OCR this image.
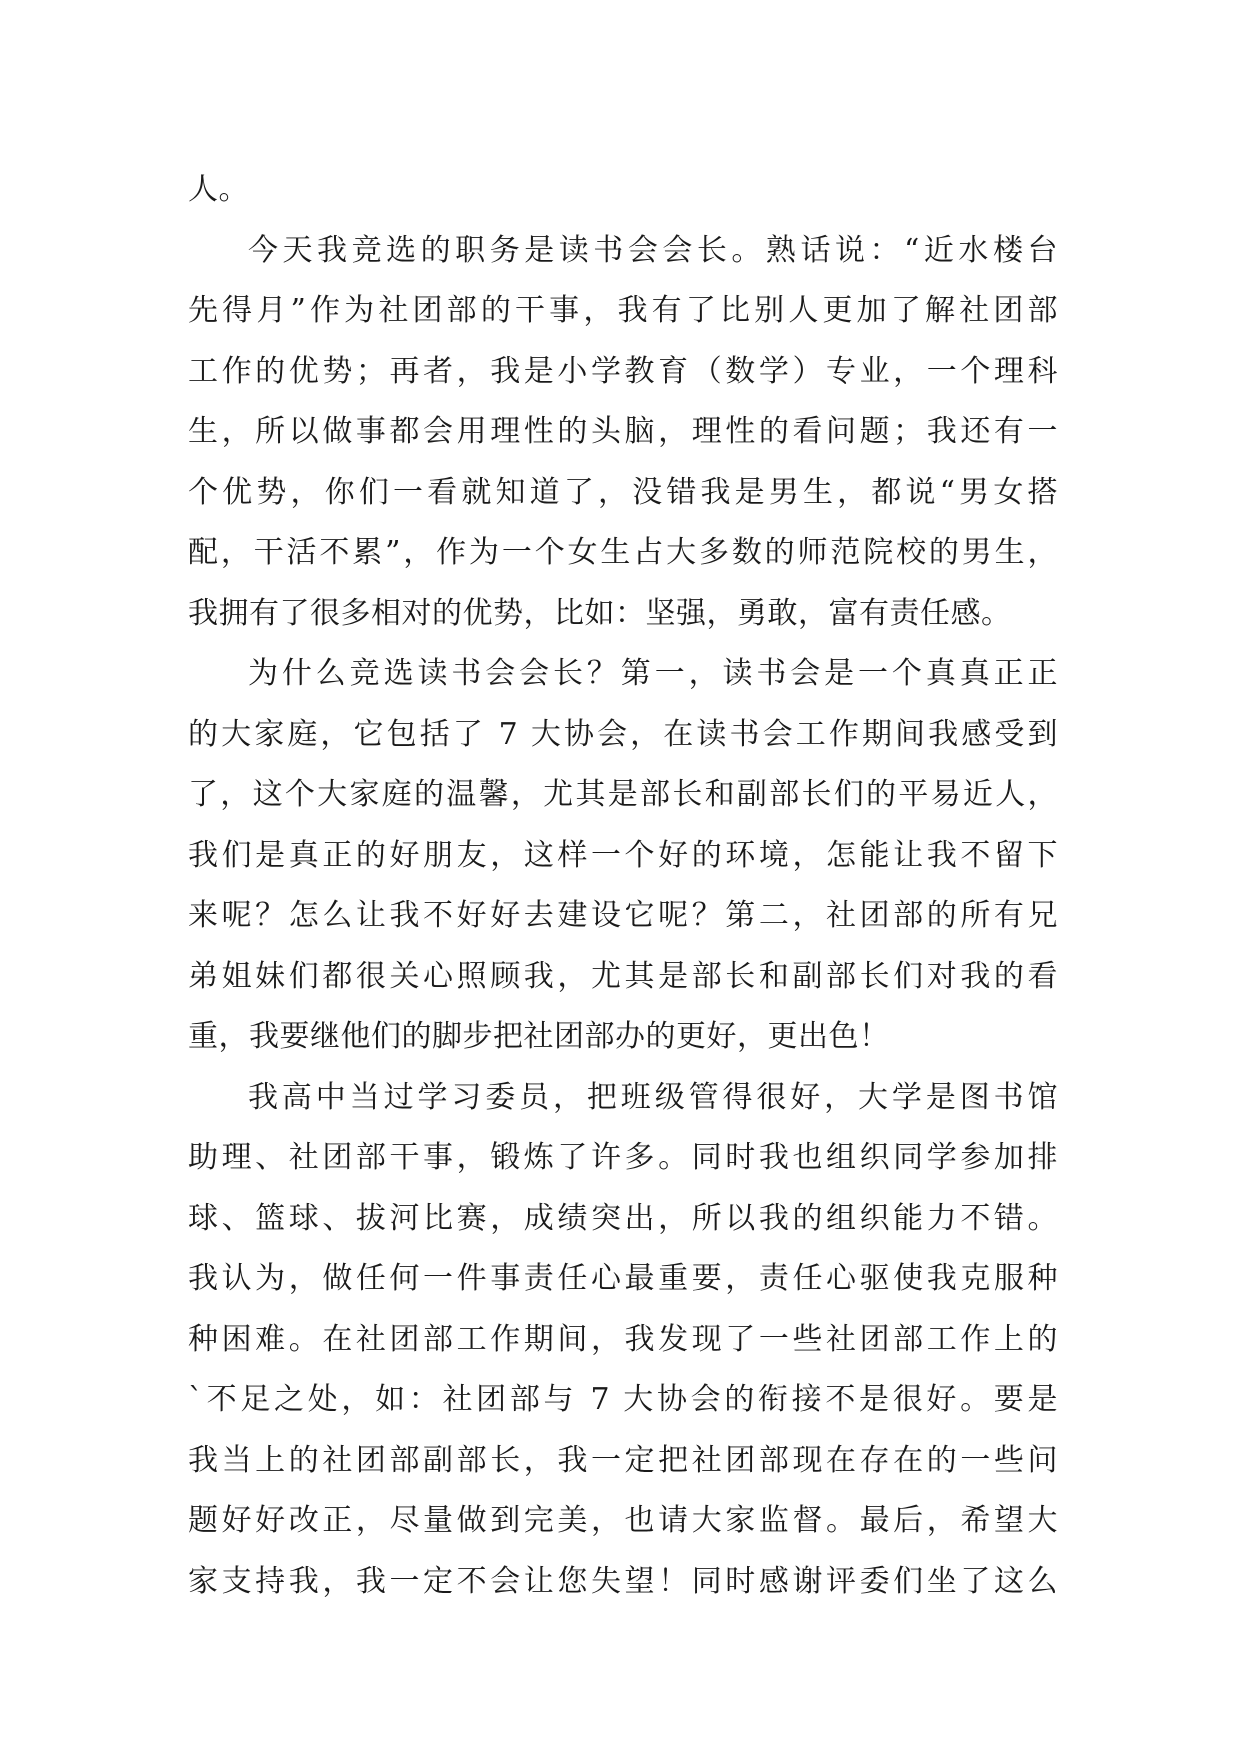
人。
今天我竞选的职务是读书会会长。熟话说：“近水楼台
先得月”作为社团部的干事，我有了比别人更加了解社团部
工作的优势；再者，我是小学教育（数学）专业，一个理科
生，所以做事都会用理性的头脑，理性的看问题；我还有一
个优势，你们一看就知道了，没错我是男生，都说“男女搭
配，干活不累”，作为一个女生占大多数的师范院校的男生，
我拥有了很多相对的优势，比如：坚强，勇敢，富有责任感。
为什么竞选读书会会长？第一，读书会是一个真真正正
的大家庭，它包括了 7 大协会，在读书会工作期间我感受到
了，这个大家庭的温馨，尤其是部长和副部长们的平易近人，
我们是真正的好朋友，这样一个好的环境，怎能让我不留下
来呢？怎么让我不好好去建设它呢？第二，社团部的所有兄
弟姐妹们都很关心照顾我，尤其是部长和副部长们对我的看
重，我要继他们的脚步把社团部办的更好，更出色！
我高中当过学习委员，把班级管得很好，大学是图书馆
助理、社团部干事，锻炼了许多。同时我也组织同学参加排
球、篮球、拔河比赛，成绩突出，所以我的组织能力不错。
我认为，做任何一件事责任心最重要，责任心驱使我克服种
种困难。在社团部工作期间，我发现了一些社团部工作上的
`不足之处，如：社团部与 7 大协会的衔接不是很好。要是
我当上的社团部副部长，我一定把社团部现在存在的一些问
题好好改正，尽量做到完美，也请大家监督。最后，希望大
家支持我，我一定不会让您失望！同时感谢评委们坐了这么
